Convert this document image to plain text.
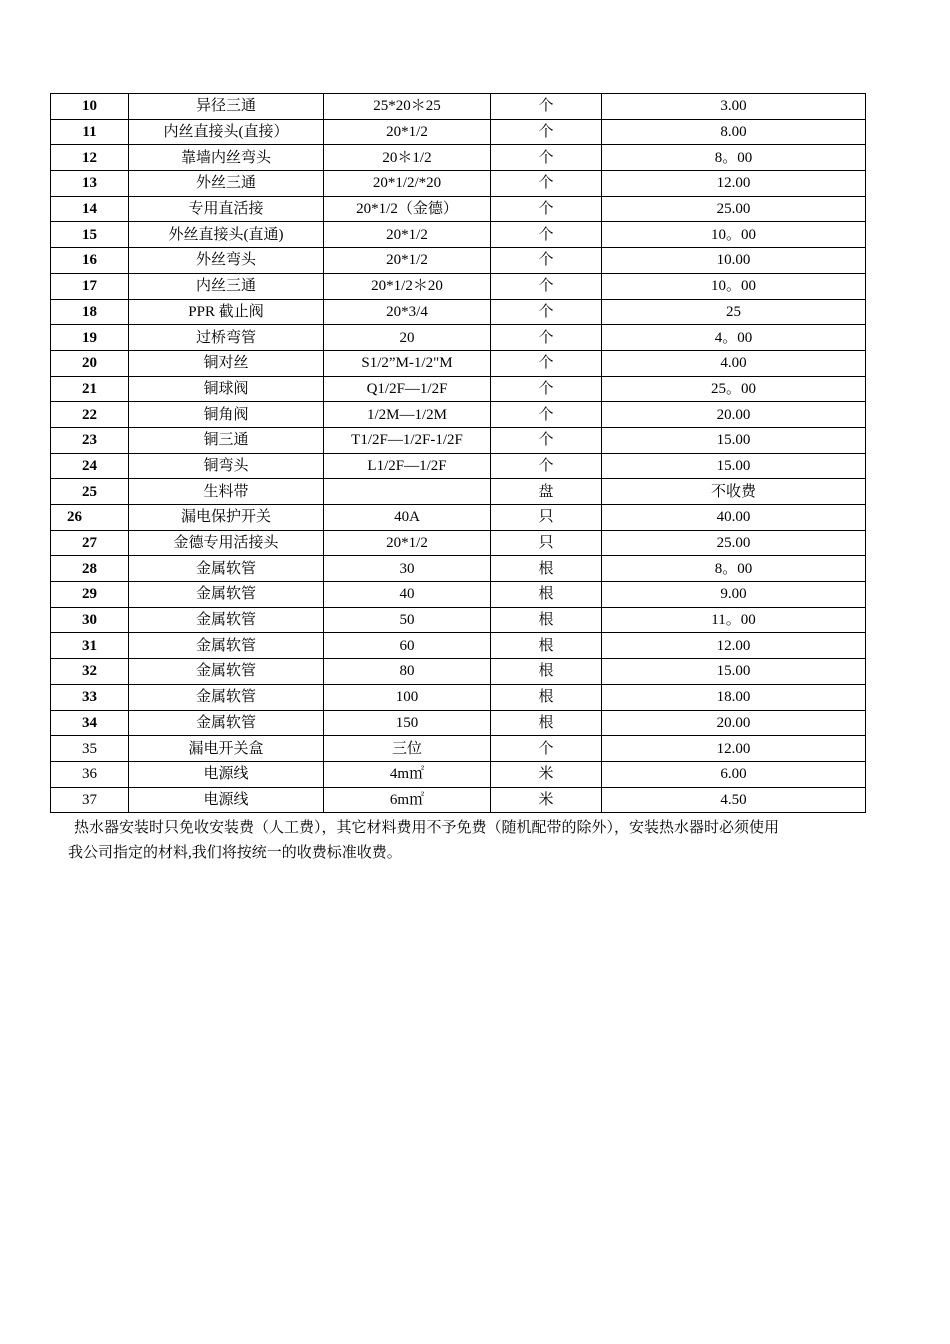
10	异径三通	25*20＊25	个	3.00
11	内丝直接头(直接）	20*1/2	个	8.00
12	靠墙内丝弯头	20＊1/2	个	8。00
13	外丝三通	20*1/2/*20	个	12.00
14	专用直活接	20*1/2（金德）	个	25.00
15	外丝直接头(直通)	20*1/2	个	10。00
16	外丝弯头	20*1/2	个	10.00
17	内丝三通	20*1/2＊20	个	10。00
18	PPR 截止阀	20*3/4	个	25
19	过桥弯管	20	个	4。00
20	铜对丝	S1/2”M-1/2"M	个	4.00
21	铜球阀	Q1/2F—1/2F	个	25。00
22	铜角阀	1/2M—1/2M	个	20.00
23	铜三通	T1/2F—1/2F-1/2F	个	15.00
24	铜弯头	L1/2F—1/2F	个	15.00
25	生料带		盘	不收费
26	漏电保护开关	40A	只	40.00
27	金德专用活接头	20*1/2	只	25.00
28	金属软管	30	根	8。00
29	金属软管	40	根	9.00
30	金属软管	50	根	11。00
31	金属软管	60	根	12.00
32	金属软管	80	根	15.00
33	金属软管	100	根	18.00
34	金属软管	150	根	20.00
35	漏电开关盒	三位	个	12.00
36	电源线	4m㎡	米	6.00
37	电源线	6m㎡	米	4.50
热水器安装时只免收安装费（人工费），其它材料费用不予免费（随机配带的除外），安装热水器时必须使用
我公司指定的材料,我们将按统一的收费标准收费。
